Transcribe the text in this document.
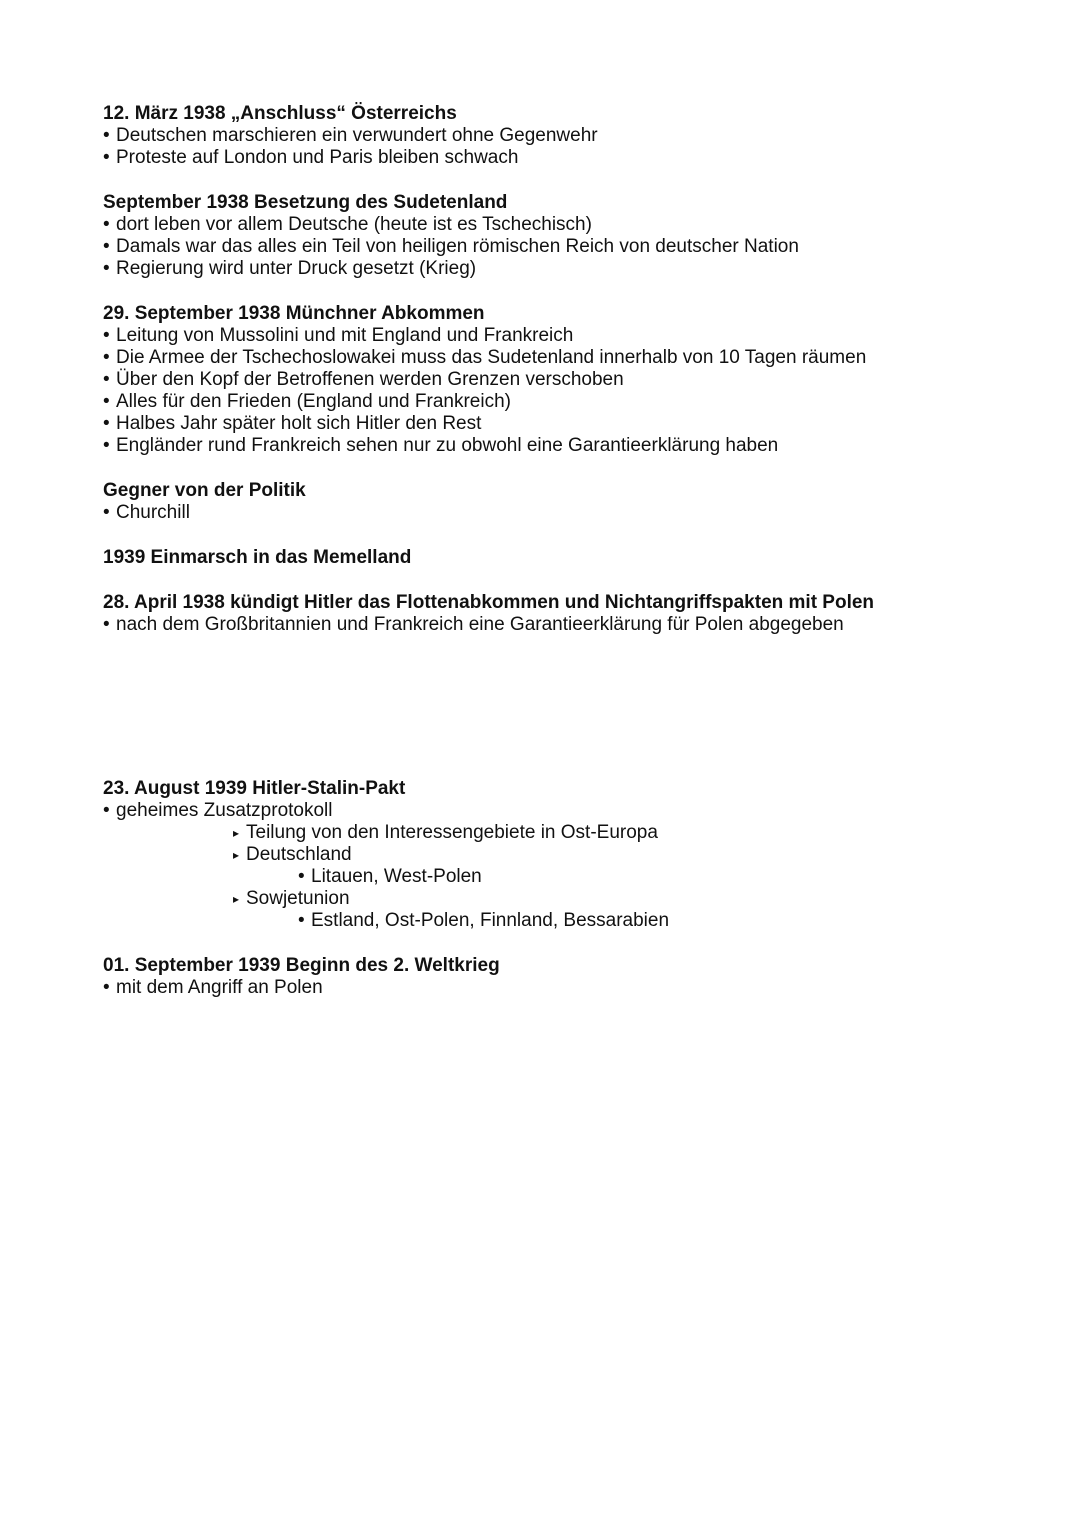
12. März 1938 „Anschluss“ Österreichs

• Deutschen marschieren ein verwundert ohne Gegenwehr
• Proteste auf London und Paris bleiben schwach

September 1938 Besetzung des Sudetenland

• dort leben vor allem Deutsche (heute ist es Tschechisch)
• Damals war das alles ein Teil von heiligen römischen Reich von deutscher Nation
• Regierung wird unter Druck gesetzt (Krieg)

29. September 1938 Münchner Abkommen

• Leitung von Mussolini und mit England und Frankreich
• Die Armee der Tschechoslowakei muss das Sudetenland innerhalb von 10 Tagen räumen
• Über den Kopf der Betroffenen werden Grenzen verschoben
• Alles für den Frieden (England und Frankreich)
• Halbes Jahr später holt sich Hitler den Rest
• Engländer rund Frankreich sehen nur zu obwohl eine Garantieerklärung haben

Gegner von der Politik

• Churchill

1939 Einmarsch in das Memelland

28. April 1938 kündigt Hitler das Flottenabkommen und Nichtangriffspakten mit Polen

• nach dem Großbritannien und Frankreich eine Garantieerklärung für Polen abgegeben

23. August 1939 Hitler-Stalin-Pakt

• geheimes Zusatzprotokoll
▸ Teilung von den Interessengebiete in Ost-Europa
▸ Deutschland
• Litauen, West-Polen
▸ Sowjetunion
• Estland, Ost-Polen, Finnland, Bessarabien

01. September 1939 Beginn des 2. Weltkrieg

• mit dem Angriff an Polen
